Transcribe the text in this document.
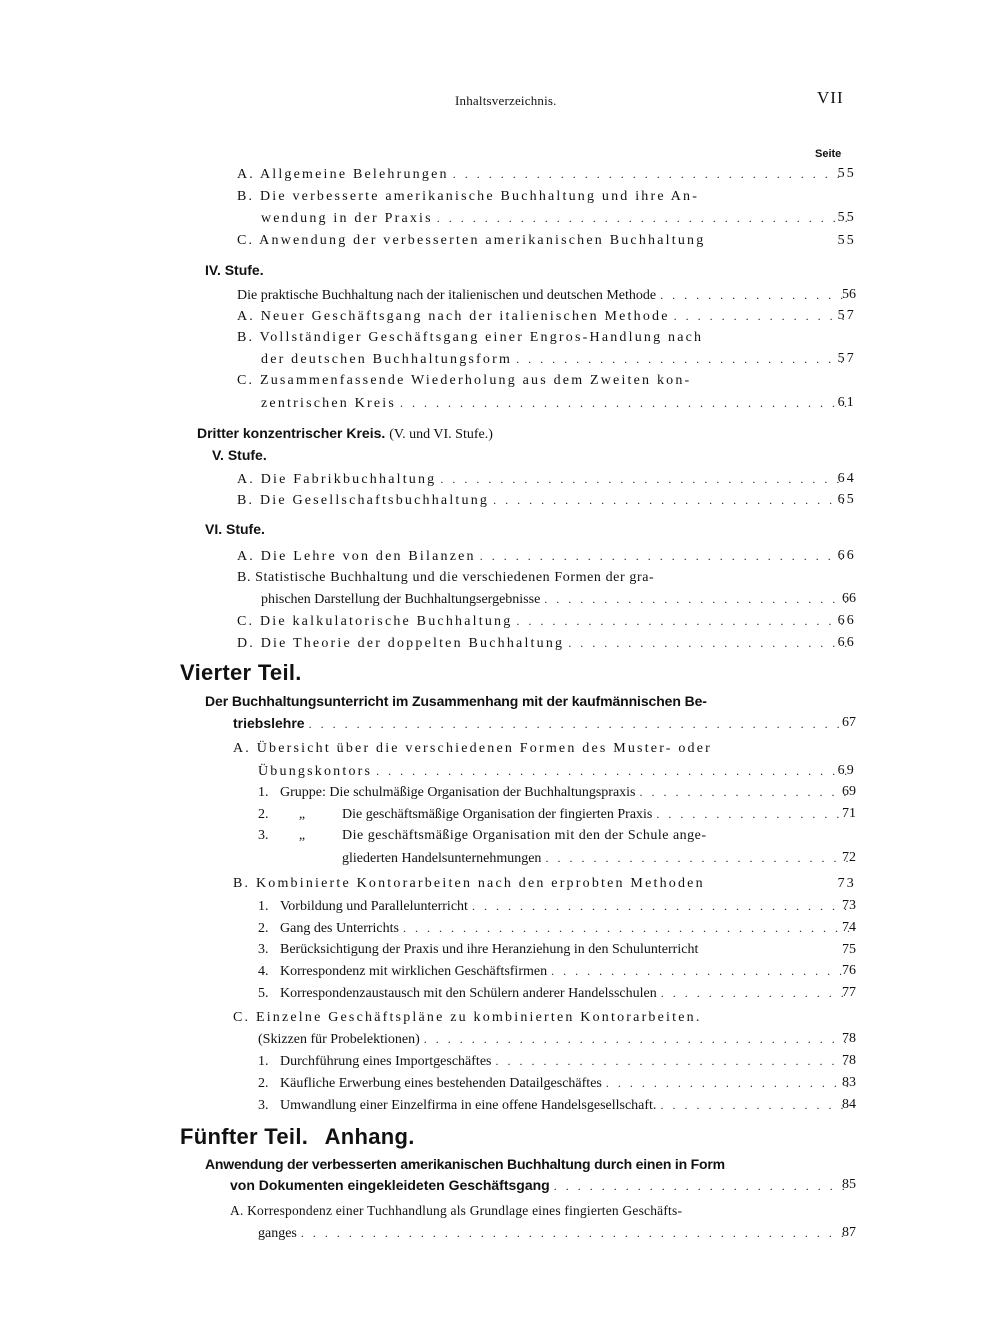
Inhaltsverzeichnis.	VII
Seite
A. Allgemeine Belehrungen . . .	55
B. Die verbesserte amerikanische Buchhaltung und ihre An-
wendung in der Praxis . . .	55
C. Anwendung der verbesserten amerikanischen Buchhaltung	55
IV. Stufe.
Die praktische Buchhaltung nach der italienischen und deutschen Methode . . .	56
A. Neuer Geschäftsgang nach der italienischen Methode . . .	57
B. Vollständiger Geschäftsgang einer Engros-Handlung nach
der deutschen Buchhaltungsform . . .	57
C. Zusammenfassende Wiederholung aus dem Zweiten kon-
zentrischen Kreis . . .	61
Dritter konzentrischer Kreis. (V. und VI. Stufe.)
V. Stufe.
A. Die Fabrikbuchhaltung . . .	64
B. Die Gesellschaftsbuchhaltung . . .	65
VI. Stufe.
A. Die Lehre von den Bilanzen . . .	66
B. Statistische Buchhaltung und die verschiedenen Formen der gra-
phischen Darstellung der Buchhaltungsergebnisse . . .	66
C. Die kalkulatorische Buchhaltung . . .	66
D. Die Theorie der doppelten Buchhaltung . . .	66
Vierter Teil.
Der Buchhaltungsunterricht im Zusammenhang mit der kaufmännischen Be-
triebslehre . . .	67
A. Übersicht über die verschiedenen Formen des Muster- oder
Übungskontors . . .	69
1. Gruppe: Die schulmäßige Organisation der Buchhaltungspraxis . . .	69
2.	„	Die geschäftsmäßige Organisation der fingierten Praxis . . .	71
3.	„	Die geschäftsmäßige Organisation mit den der Schule ange-
gliederten Handelsunternehmungen . . .	72
B. Kombinierte Kontorarbeiten nach den erprobten Methoden	73
1. Vorbildung und Parallelunterricht . . .	73
2. Gang des Unterrichts . . .	74
3. Berücksichtigung der Praxis und ihre Heranziehung in den Schulunterricht	75
4. Korrespondenz mit wirklichen Geschäftsfirmen . . .	76
5. Korrespondenzaustausch mit den Schülern anderer Handelsschulen . . .	77
C. Einzelne Geschäftspläne zu kombinierten Kontorarbeiten.
(Skizzen für Probelektionen) . . .	78
1. Durchführung eines Importgeschäftes . . .	78
2. Käufliche Erwerbung eines bestehenden Datailgeschäftes . . .	83
3. Umwandlung einer Einzelfirma in eine offene Handelsgesellschaft. . . .	84
Fünfter Teil. Anhang.
Anwendung der verbesserten amerikanischen Buchhaltung durch einen in Form
von Dokumenten eingekleideten Geschäftsgang . . .	85
A. Korrespondenz einer Tuchhandlung als Grundlage eines fingierten Geschäfts-
ganges . . .	87
